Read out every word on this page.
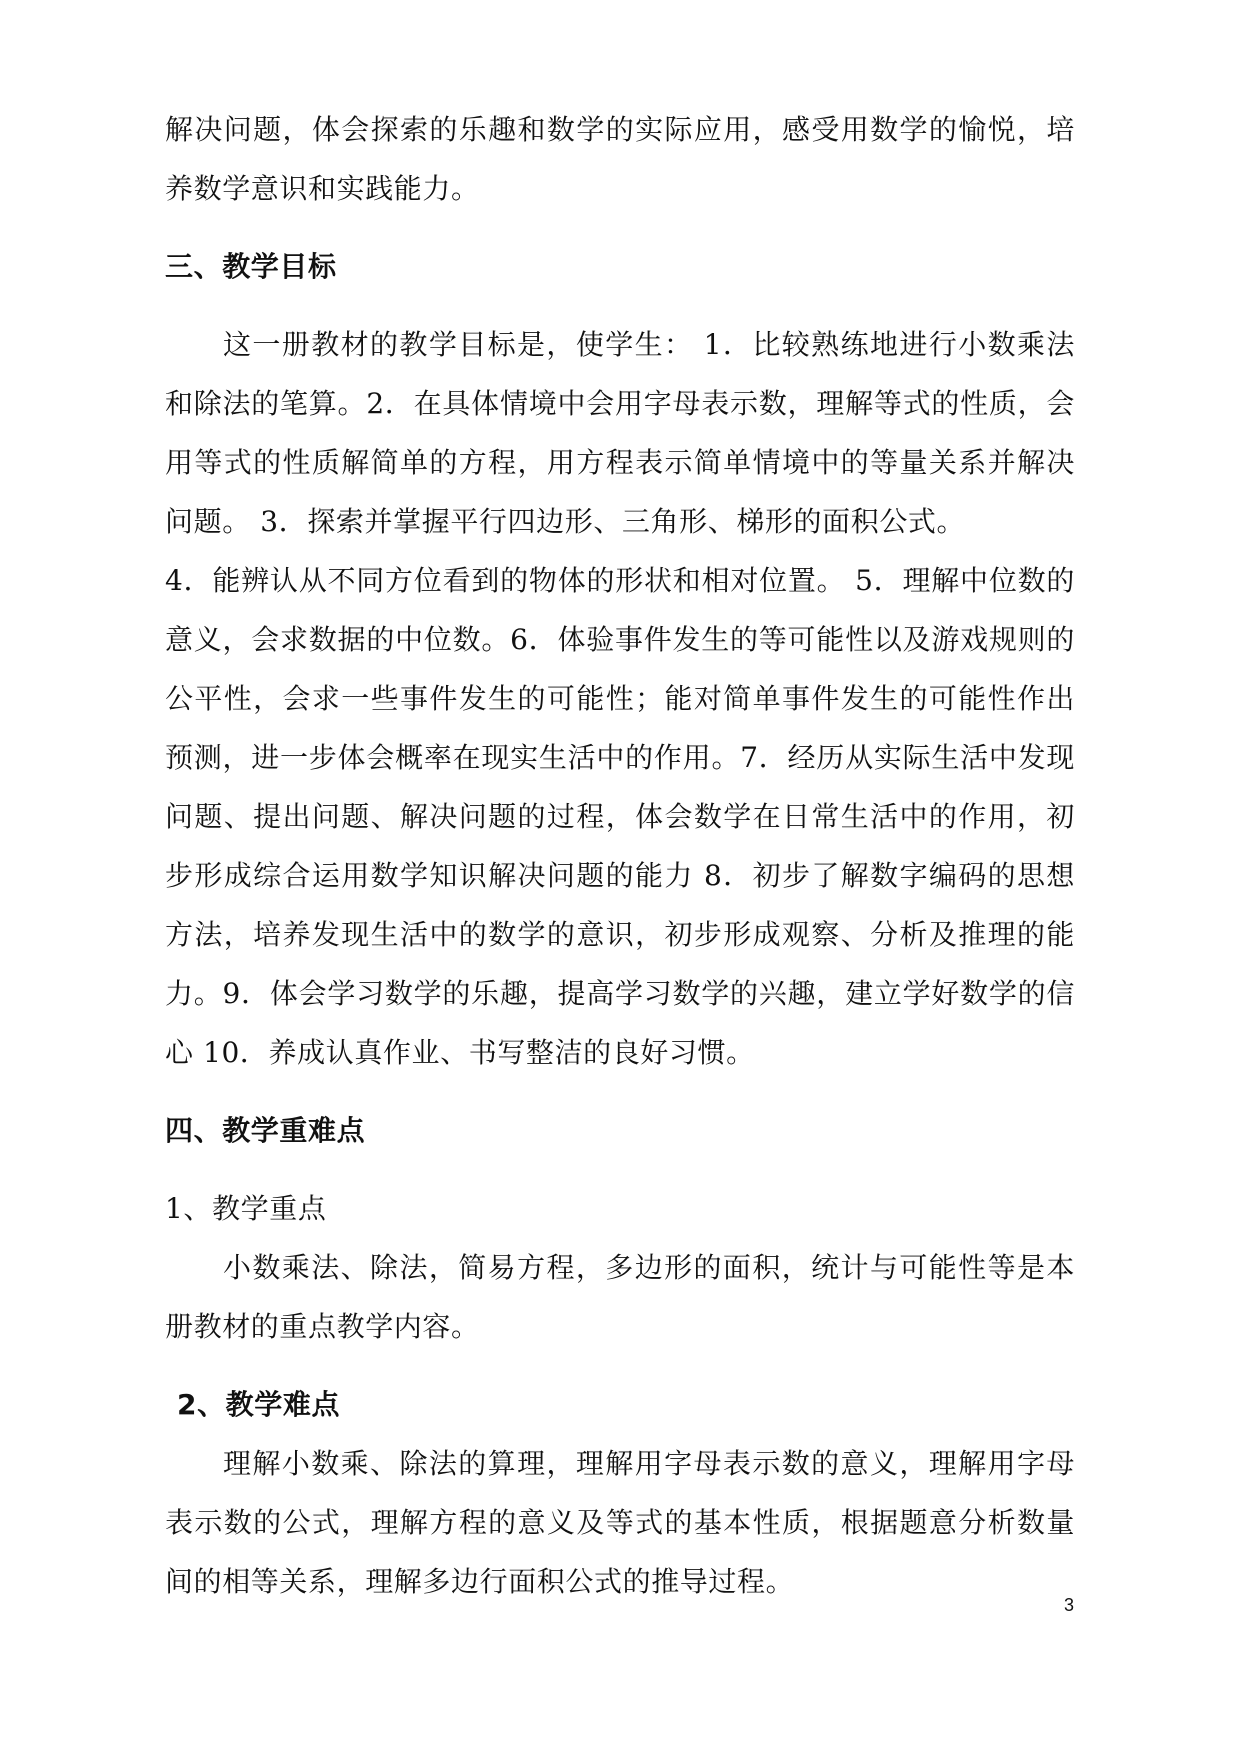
解决问题，体会探索的乐趣和数学的实际应用，感受用数学的愉悦，培养数学意识和实践能力。

三、教学目标

这一册教材的教学目标是，使学生： 1．比较熟练地进行小数乘法和除法的笔算。2．在具体情境中会用字母表示数，理解等式的性质，会用等式的性质解简单的方程，用方程表示简单情境中的等量关系并解决问题。 3．探索并掌握平行四边形、三角形、梯形的面积公式。

4．能辨认从不同方位看到的物体的形状和相对位置。 5．理解中位数的意义，会求数据的中位数。6．体验事件发生的等可能性以及游戏规则的公平性，会求一些事件发生的可能性；能对简单事件发生的可能性作出预测，进一步体会概率在现实生活中的作用。7．经历从实际生活中发现问题、提出问题、解决问题的过程，体会数学在日常生活中的作用，初步形成综合运用数学知识解决问题的能力 8．初步了解数字编码的思想方法，培养发现生活中的数学的意识，初步形成观察、分析及推理的能力。9．体会学习数学的乐趣，提高学习数学的兴趣，建立学好数学的信心 10．养成认真作业、书写整洁的良好习惯。

四、教学重难点

1、教学重点

小数乘法、除法，简易方程，多边形的面积，统计与可能性等是本册教材的重点教学内容。

2、教学难点

理解小数乘、除法的算理，理解用字母表示数的意义，理解用字母表示数的公式，理解方程的意义及等式的基本性质，根据题意分析数量间的相等关系，理解多边行面积公式的推导过程。

3
